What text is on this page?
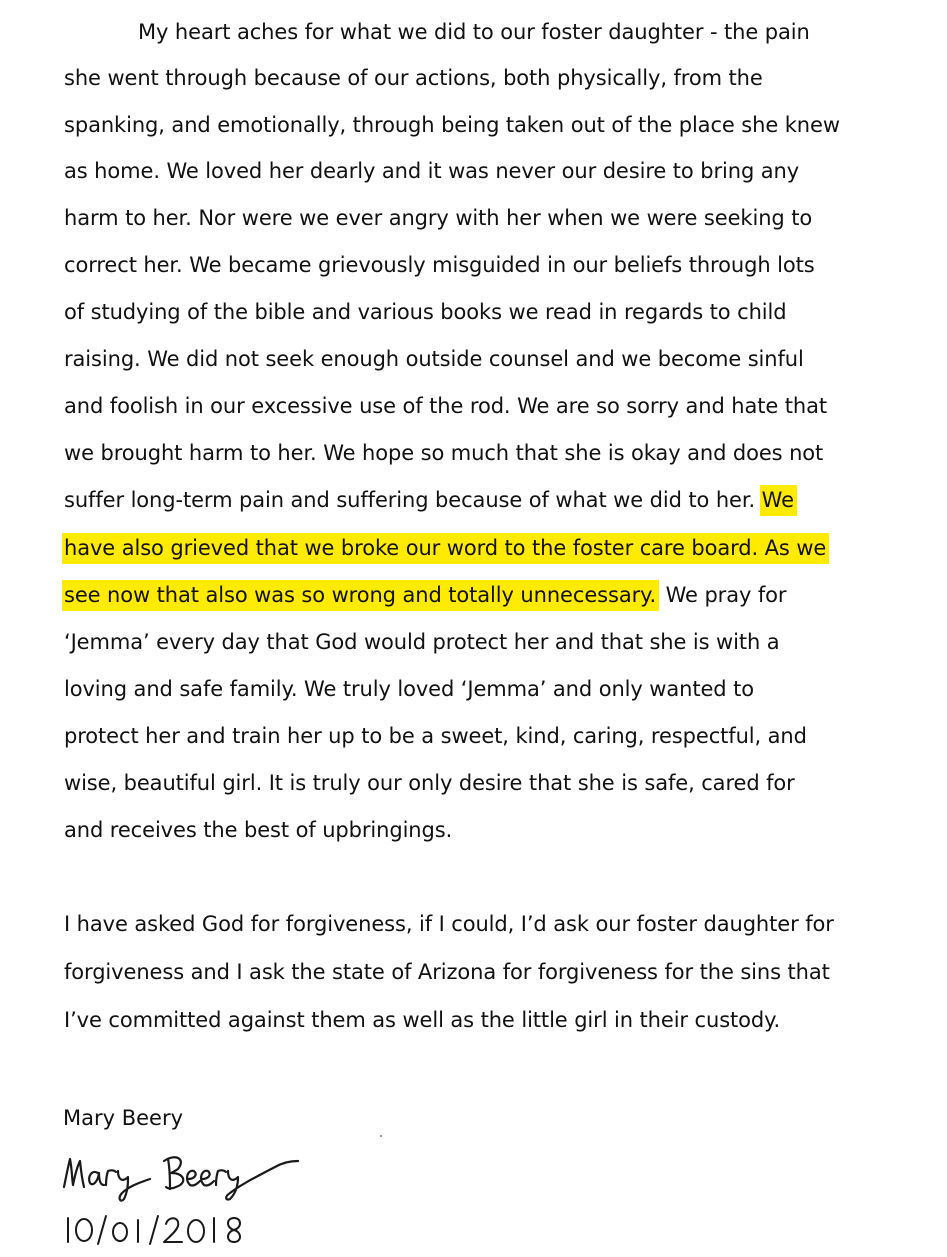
My heart aches for what we did to our foster daughter - the pain
she went through because of our actions, both physically, from the
spanking, and emotionally, through being taken out of the place she knew
as home. We loved her dearly and it was never our desire to bring any
harm to her. Nor were we ever angry with her when we were seeking to
correct her. We became grievously misguided in our beliefs through lots
of studying of the bible and various books we read in regards to child
raising. We did not seek enough outside counsel and we become sinful
and foolish in our excessive use of the rod. We are so sorry and hate that
we brought harm to her. We hope so much that she is okay and does not
suffer long-term pain and suffering because of what we did to her. We
have also grieved that we broke our word to the foster care board. As we
see now that also was so wrong and totally unnecessary. We pray for
‘Jemma’ every day that God would protect her and that she is with a
loving and safe family. We truly loved ‘Jemma’ and only wanted to
protect her and train her up to be a sweet, kind, caring, respectful, and
wise, beautiful girl. It is truly our only desire that she is safe, cared for
and receives the best of upbringings.
I have asked God for forgiveness, if I could, I’d ask our foster daughter for
forgiveness and I ask the state of Arizona for forgiveness for the sins that
I’ve committed against them as well as the little girl in their custody.
Mary Beery
